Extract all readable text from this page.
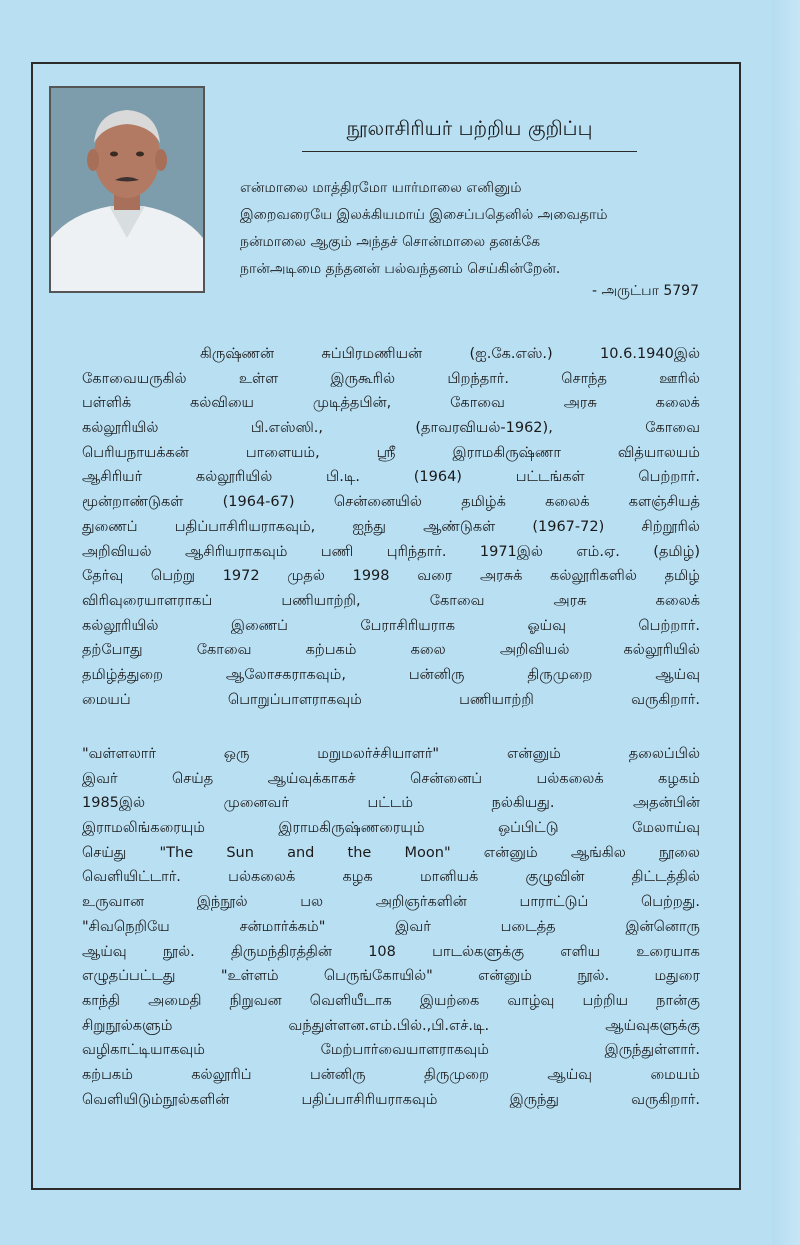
நூலாசிரியர் பற்றிய குறிப்பு
என்மாலை மாத்திரமோ யார்மாலை எனினும்
இறைவரையே இலக்கியமாய் இசைப்பதெனில் அவைதாம்
நன்மாலை ஆகும் அந்தச் சொன்மாலை தனக்கே
நான்அடிமை தந்தனன் பல்வந்தனம் செய்கின்றேன்.
- அருட்பா 5797
கிருஷ்ணன்	சுப்பிரமணியன்	(ஐ.கே.எஸ்.)	10.6.1940இல்
கோவையருகில்	உள்ள	இருகூரில்	பிறந்தார்.	சொந்த	ஊரில்
பள்ளிக்	கல்வியை	முடித்தபின்,	கோவை	அரசு	கலைக்
கல்லூரியில்	பி.எஸ்ஸி.,	(தாவரவியல்-1962),	கோவை
பெரியநாயக்கன்	பாளையம்,	ஸ்ரீ	இராமகிருஷ்ணா	வித்யாலயம்
ஆசிரியர்	கல்லூரியில்	பி.டி.	(1964)	பட்டங்கள்	பெற்றார்.
மூன்றாண்டுகள்	(1964-67)	சென்னையில்	தமிழ்க்	கலைக்	களஞ்சியத்
துணைப்	பதிப்பாசிரியராகவும்,	ஐந்து	ஆண்டுகள்	(1967-72)	சிற்றூரில்
அறிவியல் ஆசிரியராகவும் பணி புரிந்தார். 1971இல் எம்.ஏ. (தமிழ்)
தேர்வு பெற்று 1972 முதல் 1998 வரை அரசுக் கல்லூரிகளில் தமிழ்
விரிவுரையாளராகப்	பணியாற்றி,	கோவை	அரசு	கலைக்
கல்லூரியில்	இணைப்	பேராசிரியராக	ஓய்வு	பெற்றார்.
தற்போது	கோவை	கற்பகம்	கலை	அறிவியல்	கல்லூரியில்
தமிழ்த்துறை	ஆலோசகராகவும்,	பன்னிரு	திருமுறை	ஆய்வு
மையப்	பொறுப்பாளராகவும்	பணியாற்றி	வருகிறார்.
"வள்ளலார்	ஒரு	மறுமலர்ச்சியாளர்"	என்னும்	தலைப்பில்
இவர்	செய்த	ஆய்வுக்காகச்	சென்னைப்	பல்கலைக்	கழகம்
1985இல்	முனைவர்	பட்டம்	நல்கியது.	அதன்பின்
இராமலிங்கரையும்	இராமகிருஷ்ணரையும்	ஒப்பிட்டு	மேலாய்வு
செய்து "The Sun and the Moon" என்னும் ஆங்கில நூலை
வெளியிட்டார்.	பல்கலைக்	கழக	மானியக்	குழுவின்	திட்டத்தில்
உருவான	இந்நூல்	பல	அறிஞர்களின்	பாராட்டுப்	பெற்றது.
"சிவநெறியே	சன்மார்க்கம்"	இவர்	படைத்த	இன்னொரு
ஆய்வு நூல். திருமந்திரத்தின் 108 பாடல்களுக்கு எளிய உரையாக
எழுதப்பட்டது	"உள்ளம்	பெருங்கோயில்"	என்னும்	நூல்.	மதுரை
காந்தி அமைதி நிறுவன வெளியீடாக இயற்கை வாழ்வு பற்றிய நான்கு
சிறுநூல்களும்	வந்துள்ளன.எம்.பில்.,பி.எச்.டி.	ஆய்வுகளுக்கு
வழிகாட்டியாகவும்	மேற்பார்வையாளராகவும்	இருந்துள்ளார்.
கற்பகம்	கல்லூரிப்	பன்னிரு	திருமுறை	ஆய்வு	மையம்
வெளியிடும்நூல்களின்	பதிப்பாசிரியராகவும்	இருந்து	வருகிறார்.
